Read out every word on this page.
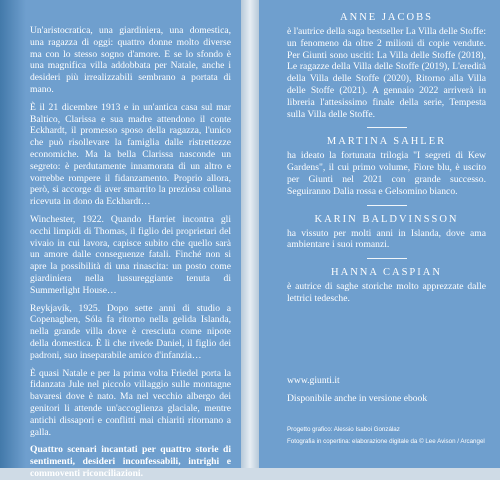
Un'aristocratica, una giardiniera, una domestica, una ragazza di oggi: quattro donne molto diverse ma con lo stesso sogno d'amore. E se lo sfondo è una magnifica villa addobbata per Natale, anche i desideri più irrealizzabili sembrano a portata di mano.

È il 21 dicembre 1913 e in un'antica casa sul mar Baltico, Clarissa e sua madre attendono il conte Eckhardt, il promesso sposo della ragazza, l'unico che può risollevare la famiglia dalle ristrettezze economiche. Ma la bella Clarissa nasconde un segreto: è perdutamente innamorata di un altro e vorrebbe rompere il fidanzamento. Proprio allora, però, si accorge di aver smarrito la preziosa collana ricevuta in dono da Eckhardt…

Winchester, 1922. Quando Harriet incontra gli occhi limpidi di Thomas, il figlio dei proprietari del vivaio in cui lavora, capisce subito che quello sarà un amore dalle conseguenze fatali. Finché non si apre la possibilità di una rinascita: un posto come giardiniera nella lussureggiante tenuta di Summerlight House…

Reykjavík, 1925. Dopo sette anni di studio a Copenaghen, Sóla fa ritorno nella gelida Islanda, nella grande villa dove è cresciuta come nipote della domestica. È lì che rivede Daniel, il figlio dei padroni, suo inseparabile amico d'infanzia…

È quasi Natale e per la prima volta Friedel porta la fidanzata Jule nel piccolo villaggio sulle montagne bavaresi dove è nato. Ma nel vecchio albergo dei genitori li attende un'accoglienza glaciale, mentre antichi dissapori e conflitti mai chiariti ritornano a galla.

Quattro scenari incantati per quattro storie di sentimenti, desideri inconfessabili, intrighi e commoventi riconciliazioni.

ANNE JACOBS

è l'autrice della saga bestseller La Villa delle Stoffe: un fenomeno da oltre 2 milioni di copie vendute. Per Giunti sono usciti: La Villa delle Stoffe (2018), Le ragazze della Villa delle Stoffe (2019), L'eredità della Villa delle Stoffe (2020), Ritorno alla Villa delle Stoffe (2021). A gennaio 2022 arriverà in libreria l'attesissimo finale della serie, Tempesta sulla Villa delle Stoffe.

MARTINA SAHLER

ha ideato la fortunata trilogia "I segreti di Kew Gardens", il cui primo volume, Fiore blu, è uscito per Giunti nel 2021 con grande successo. Seguiranno Dalia rossa e Gelsomino bianco.

KARIN BALDVINSSON

ha vissuto per molti anni in Islanda, dove ama ambientare i suoi romanzi.

HANNA CASPIAN

è autrice di saghe storiche molto apprezzate dalle lettrici tedesche.

www.giunti.it

Disponibile anche in versione ebook

Progetto grafico: Alessio Isaboi Gonzálaz

Fotografia in copertina: elaborazione digitale da © Lee Avison / Arcangel
